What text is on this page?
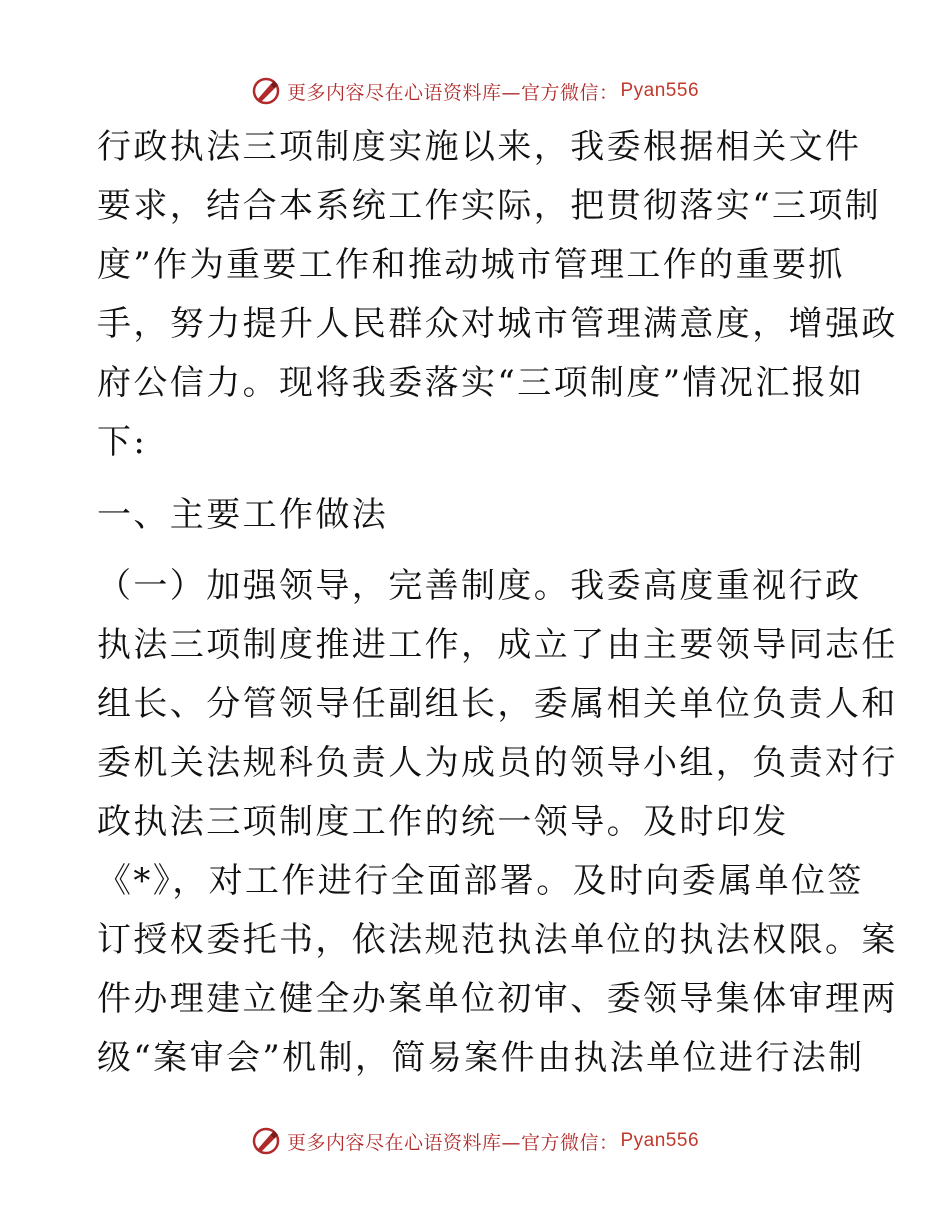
更多内容尽在心语资料库—官方微信： Pyan556
行政执法三项制度实施以来，我委根据相关文件
要求，结合本系统工作实际，把贯彻落实“三项制
度”作为重要工作和推动城市管理工作的重要抓
手，努力提升人民群众对城市管理满意度，增强政
府公信力。现将我委落实“三项制度”情况汇报如
下:
一、主要工作做法
（一）加强领导，完善制度。我委高度重视行政
执法三项制度推进工作，成立了由主要领导同志任
组长、分管领导任副组长，委属相关单位负责人和
委机关法规科负责人为成员的领导小组，负责对行
政执法三项制度工作的统一领导。及时印发
《*》，对工作进行全面部署。及时向委属单位签
订授权委托书，依法规范执法单位的执法权限。案
件办理建立健全办案单位初审、委领导集体审理两
级“案审会”机制，简易案件由执法单位进行法制
更多内容尽在心语资料库—官方微信： Pyan556
